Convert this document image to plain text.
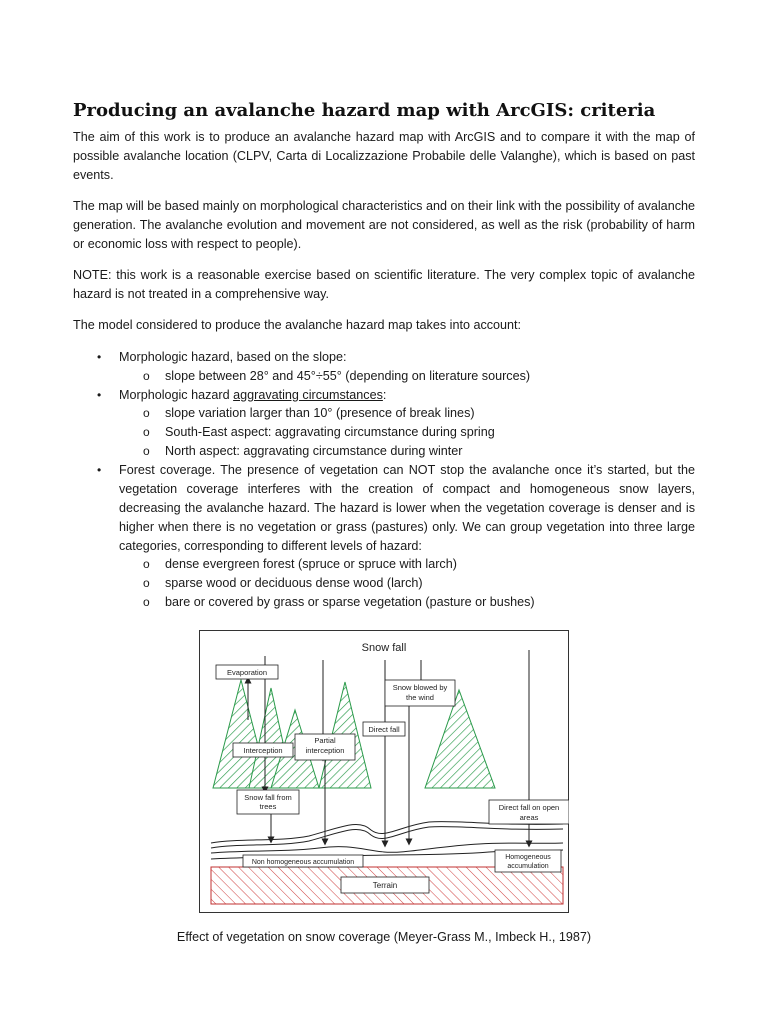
Producing an avalanche hazard map with ArcGIS: criteria

The aim of this work is to produce an avalanche hazard map with ArcGIS and to compare it with the map of possible avalanche location (CLPV, Carta di Localizzazione Probabile delle Valanghe), which is based on past events.

The map will be based mainly on morphological characteristics and on their link with the possibility of avalanche generation. The avalanche evolution and movement are not considered, as well as the risk (probability of harm or economic loss with respect to people).

NOTE: this work is a reasonable exercise based on scientific literature. The very complex topic of avalanche hazard is not treated in a comprehensive way.

The model considered to produce the avalanche hazard map takes into account:

• Morphologic hazard, based on the slope:
o slope between 28° and 45°÷55° (depending on literature sources)
• Morphologic hazard aggravating circumstances:
o slope variation larger than 10° (presence of break lines)
o South-East aspect: aggravating circumstance during spring
o North aspect: aggravating circumstance during winter
• Forest coverage. The presence of vegetation can NOT stop the avalanche once it’s started, but the vegetation coverage interferes with the creation of compact and homogeneous snow layers, decreasing the avalanche hazard. The hazard is lower when the vegetation coverage is denser and is higher when there is no vegetation or grass (pastures) only. We can group vegetation into three large categories, corresponding to different levels of hazard:
o dense evergreen forest (spruce or spruce with larch)
o sparse wood or deciduous dense wood (larch)
o bare or covered by grass or sparse vegetation (pasture or bushes)
Snow fall
Terrain
Evaporation
Snow blowed by
the wind
Partial
interception
Direct fall
Interception
Snow fall from
trees	Direct fall on open
areas
Non homogeneous accumulation
Homogeneous
accumulation
Effect of vegetation on snow coverage (Meyer-Grass M., Imbeck H., 1987)
